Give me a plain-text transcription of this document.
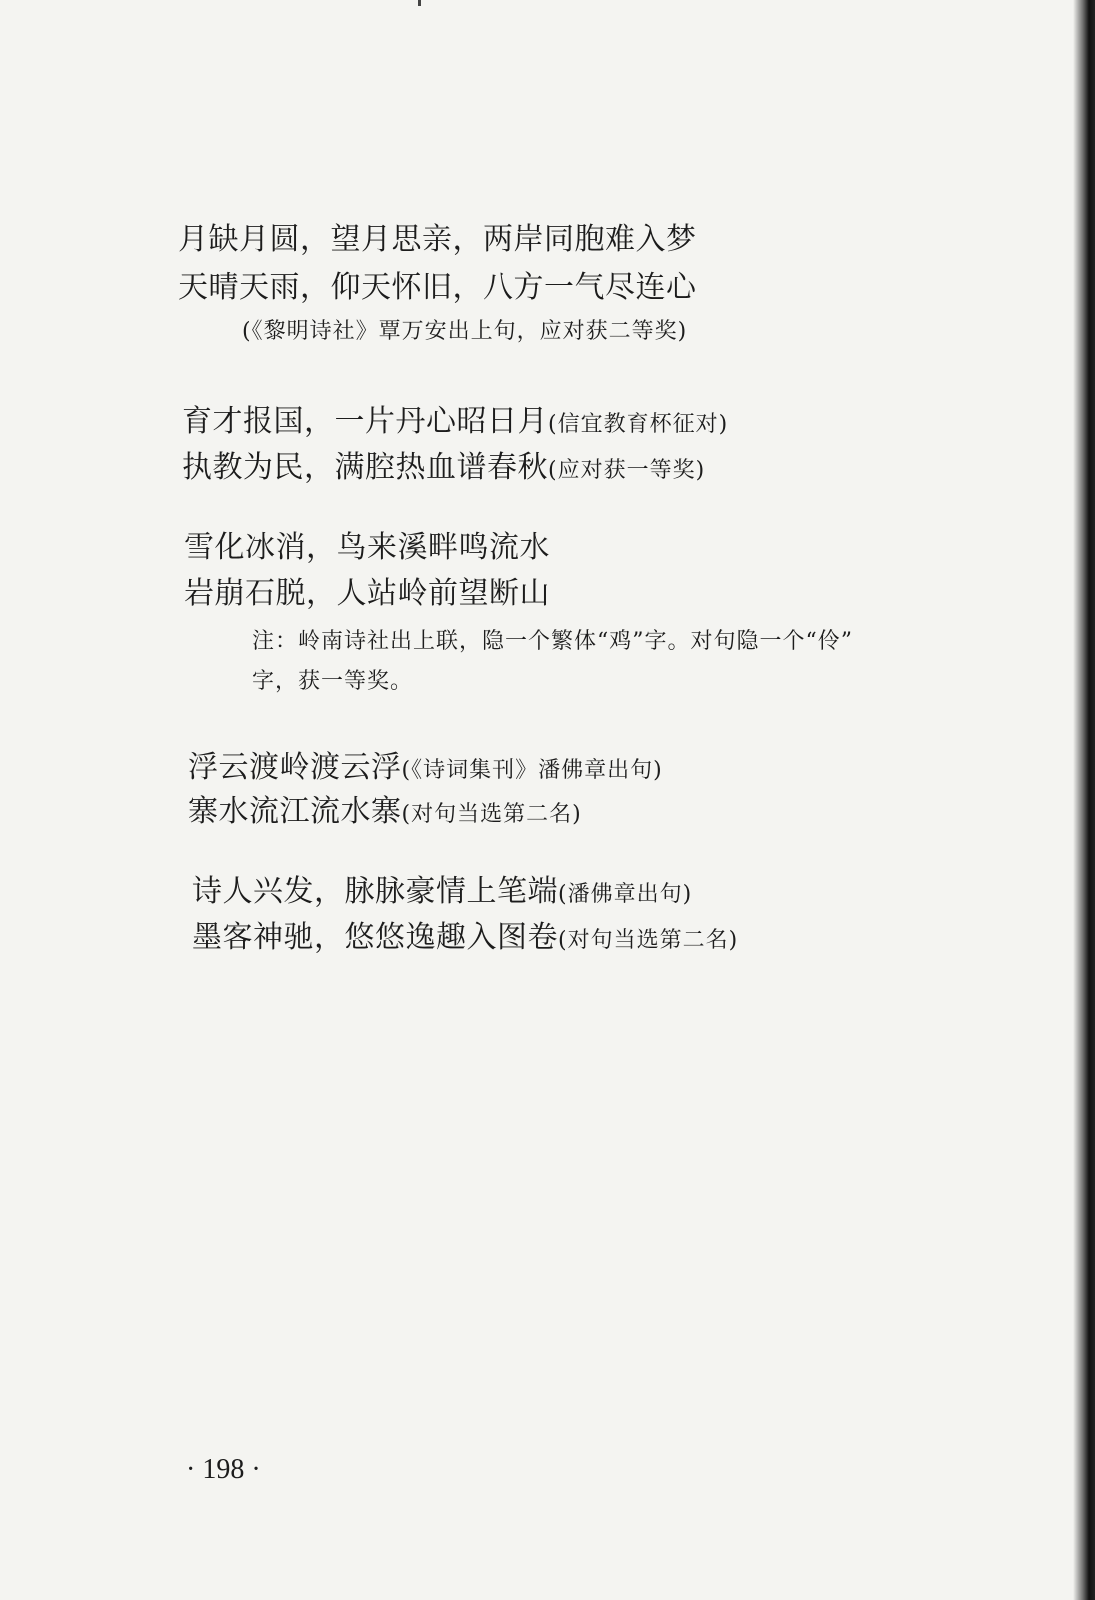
月缺月圆，望月思亲，两岸同胞难入梦
天晴天雨，仰天怀旧，八方一气尽连心
(《黎明诗社》覃万安出上句，应对获二等奖)
育才报国，一片丹心昭日月(信宜教育杯征对)
执教为民，满腔热血谱春秋(应对获一等奖)
雪化冰消，鸟来溪畔鸣流水
岩崩石脱，人站岭前望断山
注：岭南诗社出上联，隐一个繁体“鸡”字。对句隐一个“伶”
字，获一等奖。
浮云渡岭渡云浮(《诗词集刊》潘佛章出句)
寨水流江流水寨(对句当选第二名)
诗人兴发，脉脉豪情上笔端(潘佛章出句)
墨客神驰，悠悠逸趣入图卷(对句当选第二名)
· 198 ·
